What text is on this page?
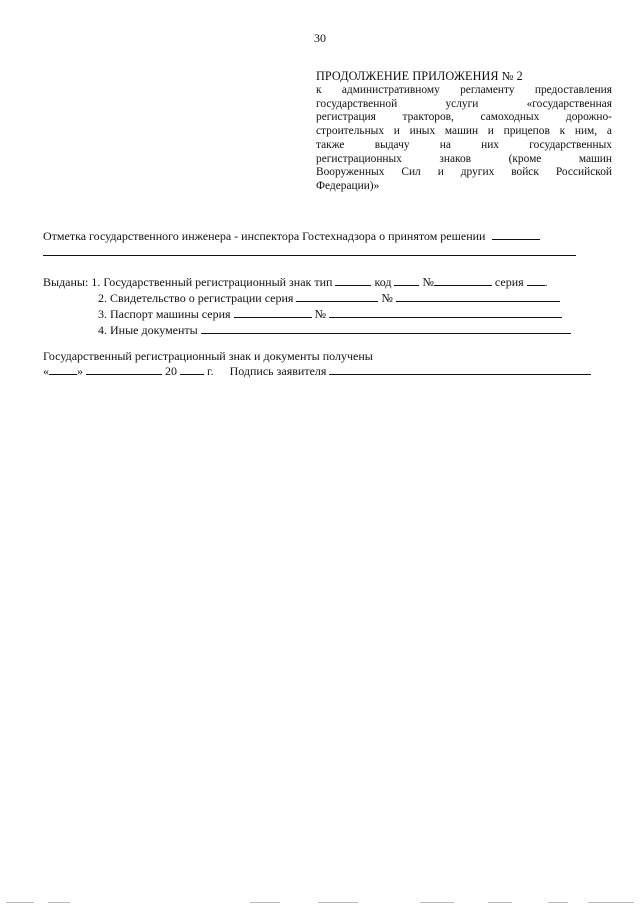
30
ПРОДОЛЖЕНИЕ ПРИЛОЖЕНИЯ № 2
к административному регламенту предоставления
государственной	услуги	«государственная
регистрация тракторов, самоходных дорожно-
строительных и иных машин и прицепов к ним, а
также	выдачу	на	них	государственных
регистрационных	знаков	(кроме	машин
Вооруженных Сил и других войск Российской
Федерации)»
Отметка государственного инженера - инспектора Гостехнадзора о принятом решении
Выданы: 1. Государственный регистрационный знак тип	код	№	серия .
2. Свидетельство о регистрации серия	№
3. Паспорт машины серия	№
4. Иные документы
Государственный регистрационный знак и документы получены
« »	20	г. Подпись заявителя
